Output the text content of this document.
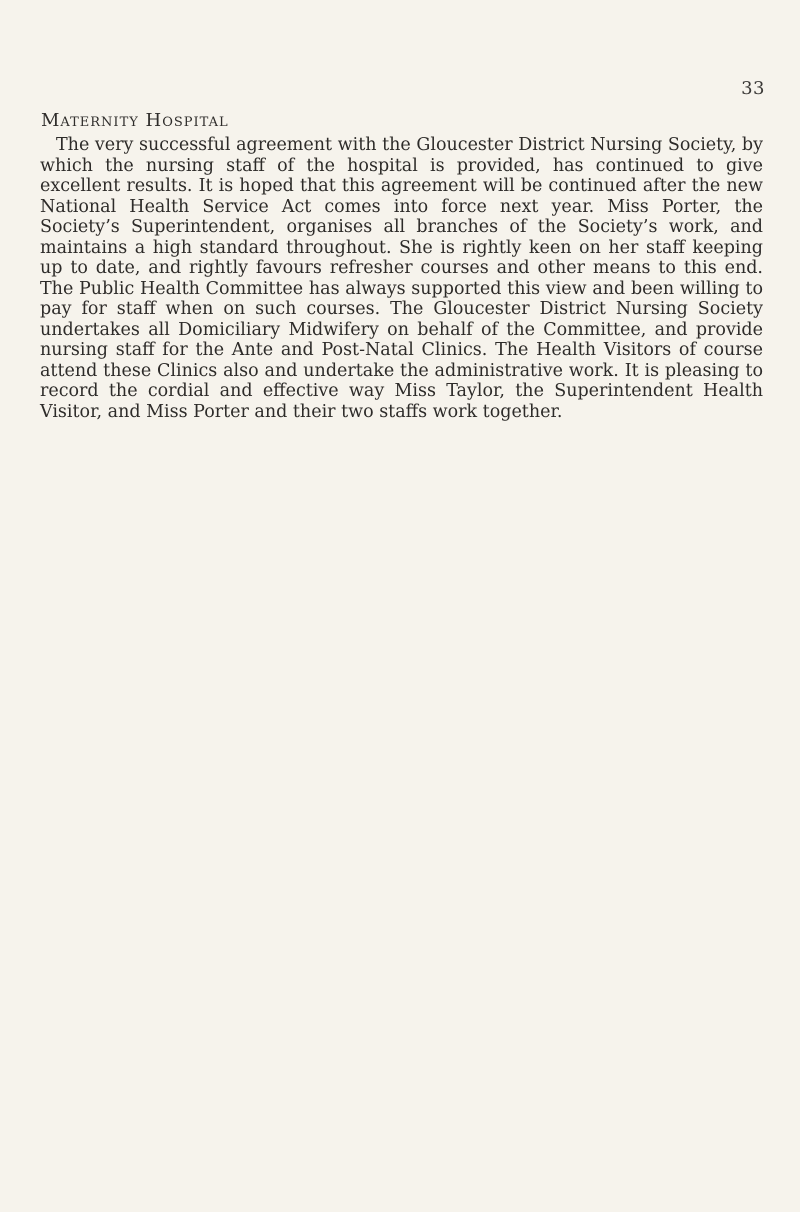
33
Maternity Hospital

The very successful agreement with the Gloucester District Nursing Society, by which the nursing staff of the hospital is provided, has continued to give excellent results. It is hoped that this agreement will be continued after the new National Health Service Act comes into force next year. Miss Porter, the Society’s Superintendent, organises all branches of the Society’s work, and maintains a high standard throughout. She is rightly keen on her staff keeping up to date, and rightly favours refresher courses and other means to this end. The Public Health Committee has always supported this view and been willing to pay for staff when on such courses. The Gloucester District Nursing Society undertakes all Domiciliary Midwifery on behalf of the Committee, and provide nursing staff for the Ante and Post-Natal Clinics. The Health Visitors of course attend these Clinics also and undertake the administrative work. It is pleasing to record the cordial and effective way Miss Taylor, the Superintendent Health Visitor, and Miss Porter and their two staffs work together.
